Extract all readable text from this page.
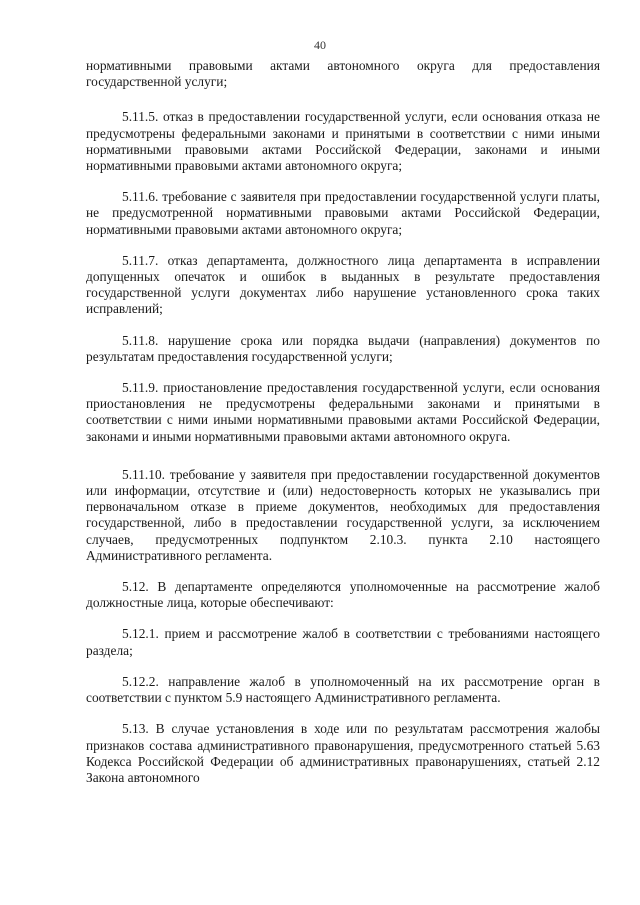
40

нормативными правовыми актами автономного округа для предоставления государственной услуги;

5.11.5. отказ в предоставлении государственной услуги, если основания отказа не предусмотрены федеральными законами и принятыми в соответствии с ними иными нормативными правовыми актами Российской Федерации, законами и иными нормативными правовыми актами автономного округа;

5.11.6. требование с заявителя при предоставлении государственной услуги платы, не предусмотренной нормативными правовыми актами Российской Федерации, нормативными правовыми актами автономного округа;

5.11.7. отказ департамента, должностного лица департамента в исправлении допущенных опечаток и ошибок в выданных в результате предоставления государственной услуги документах либо нарушение установленного срока таких исправлений;

5.11.8. нарушение срока или порядка выдачи (направления) документов по результатам предоставления государственной услуги;

5.11.9. приостановление предоставления государственной услуги, если основания приостановления не предусмотрены федеральными законами и принятыми в соответствии с ними иными нормативными правовыми актами Российской Федерации, законами и иными нормативными правовыми актами автономного округа.

5.11.10. требование у заявителя при предоставлении государственной документов или информации, отсутствие и (или) недостоверность которых не указывались при первоначальном отказе в приеме документов, необходимых для предоставления государственной, либо в предоставлении государственной услуги, за исключением случаев, предусмотренных подпунктом 2.10.3. пункта 2.10 настоящего Административного регламента.

5.12. В департаменте определяются уполномоченные на рассмотрение жалоб должностные лица, которые обеспечивают:

5.12.1. прием и рассмотрение жалоб в соответствии с требованиями настоящего раздела;

5.12.2. направление жалоб в уполномоченный на их рассмотрение орган в соответствии с пунктом 5.9 настоящего Административного регламента.

5.13. В случае установления в ходе или по результатам рассмотрения жалобы признаков состава административного правонарушения, предусмотренного статьей 5.63 Кодекса Российской Федерации об административных правонарушениях, статьей 2.12 Закона автономного
